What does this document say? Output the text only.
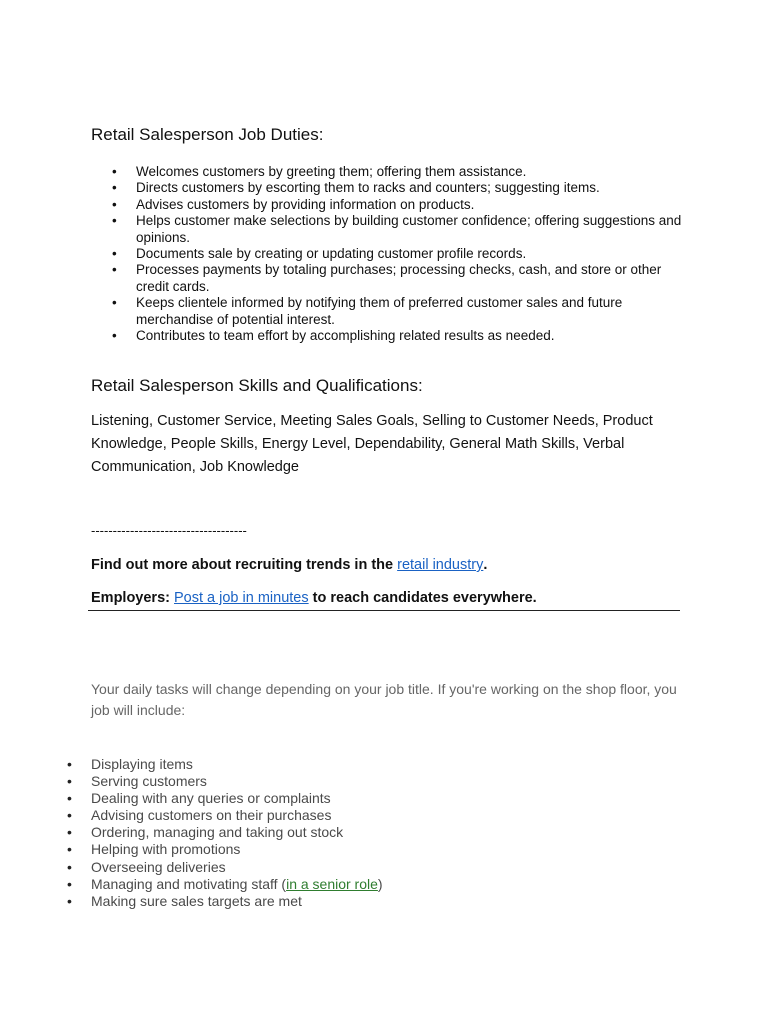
Retail Salesperson Job Duties:
• Welcomes customers by greeting them; offering them assistance.
• Directs customers by escorting them to racks and counters; suggesting items.
• Advises customers by providing information on products.
• Helps customer make selections by building customer confidence; offering suggestions and opinions.
• Documents sale by creating or updating customer profile records.
• Processes payments by totaling purchases; processing checks, cash, and store or other credit cards.
• Keeps clientele informed by notifying them of preferred customer sales and future merchandise of potential interest.
• Contributes to team effort by accomplishing related results as needed.
Retail Salesperson Skills and Qualifications:

Listening, Customer Service, Meeting Sales Goals, Selling to Customer Needs, Product Knowledge, People Skills, Energy Level, Dependability, General Math Skills, Verbal Communication, Job Knowledge

------------------------------------
Find out more about recruiting trends in the retail industry.
Employers: Post a job in minutes to reach candidates everywhere.

Your daily tasks will change depending on your job title. If you're working on the shop floor, you job will include:

• Displaying items
• Serving customers
• Dealing with any queries or complaints
• Advising customers on their purchases
• Ordering, managing and taking out stock
• Helping with promotions
• Overseeing deliveries
• Managing and motivating staff (in a senior role)
• Making sure sales targets are met
